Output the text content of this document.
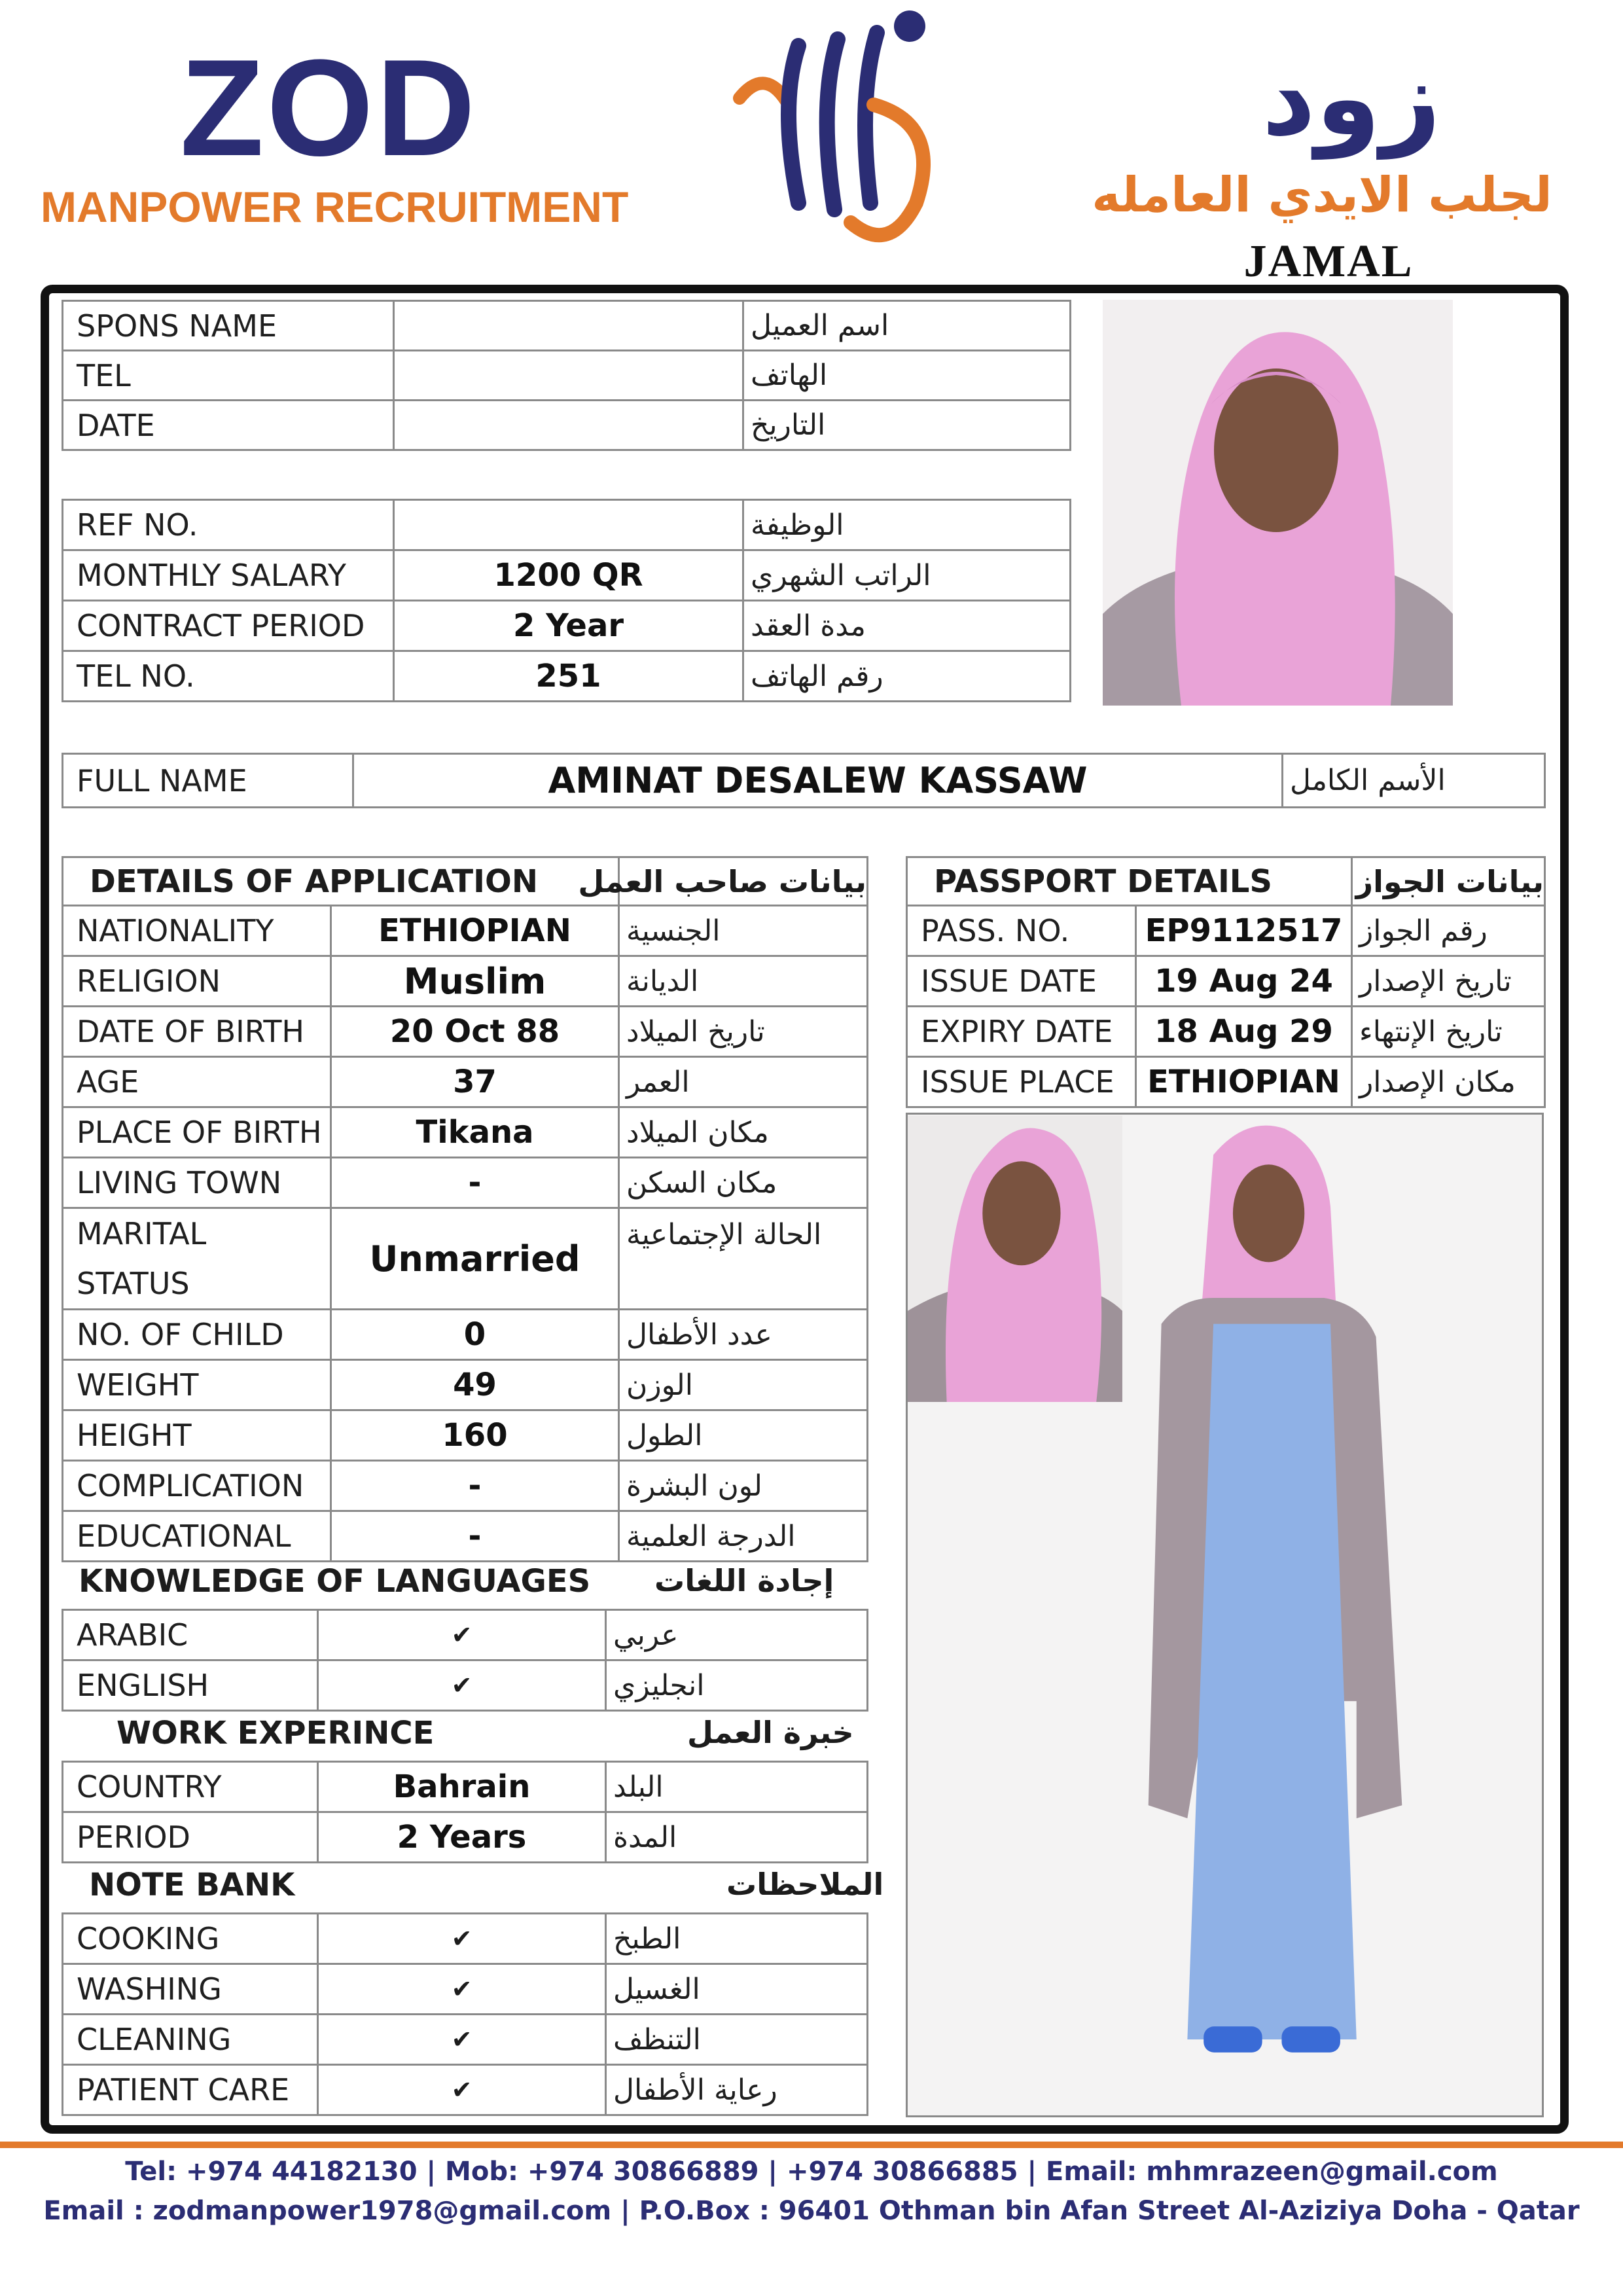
ZOD
MANPOWER RECRUITMENT
زود
لجلب الايدي العامله
JAMAL
SPONS NAME		اسم العميل
TEL		الهاتف
DATE		التاريخ
REF NO.		الوظيفة
MONTHLY SALARY	1200 QR	الراتب الشهري
CONTRACT PERIOD	2 Year	مدة العقد
TEL NO.	251	رقم الهاتف
FULL NAME	AMINAT DESALEW KASSAW	الأسم الكامل
DETAILS OF APPLICATION		بيانات صاحب العمل
NATIONALITY	ETHIOPIAN	الجنسية
RELIGION	Muslim	الديانة
DATE OF BIRTH	20 Oct 88	تاريخ الميلاد
AGE	37	العمر
PLACE OF BIRTH	Tikana	مكان الميلاد
LIVING TOWN	-	مكان السكن

MARITAL
STATUS	Unmarried	الحالة الإجتماعية
NO. OF CHILD	0	عدد الأطفال
WEIGHT	49	الوزن
HEIGHT	160	الطول
COMPLICATION	-	لون البشرة
EDUCATIONAL	-	الدرجة العلمية
KNOWLEDGE OF LANGUAGES إجادة اللغات
ARABIC	✔	عربي
ENGLISH	✔	انجليزي
WORK EXPERINCE	خبرة العمل
COUNTRY	Bahrain	البلد
PERIOD	2 Years	المدة
NOTE BANK	الملاحظات
COOKING	✔	الطبخ
WASHING	✔	الغسيل
CLEANING	✔	التنظف
PATIENT CARE	✔	رعاية الأطفال
PASSPORT DETAILS		بيانات الجواز
PASS. NO.	EP9112517	رقم الجواز
ISSUE DATE	19 Aug 24	تاريخ الإصدار
EXPIRY DATE	18 Aug 29	تاريخ الإنتهاء
ISSUE PLACE	ETHIOPIAN	مكان الإصدار
Tel: +974 44182130 | Mob: +974 30866889 | +974 30866885 | Email: mhmrazeen@gmail.com
Email : zodmanpower1978@gmail.com | P.O.Box : 96401 Othman bin Afan Street Al-Aziziya Doha - Qatar
